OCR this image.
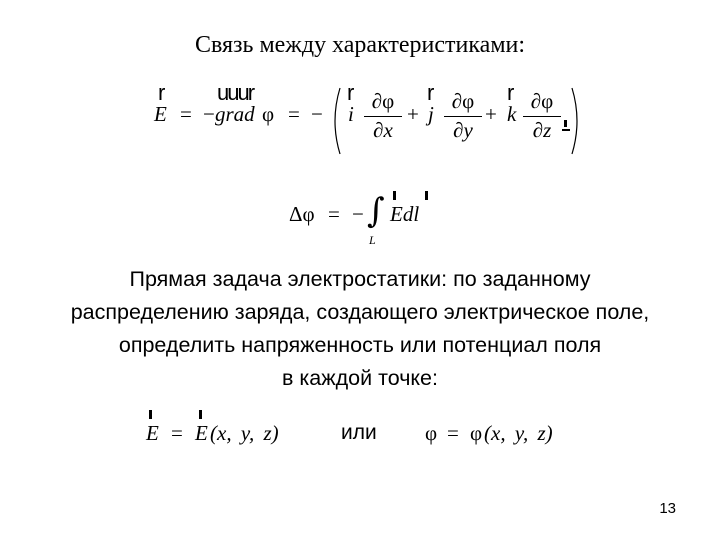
Связь между характеристиками:
r uuur	r	r	r
E = − grad φ = − i
∂φ
∂x
+ j
∂φ
∂y
+ k
∂φ
∂z
Δφ = − ∫
L
Edl
Прямая задача электростатики: по заданному
распределению заряда, создающего электрическое поле,
определить напряженность или потенциал поля
в каждой точке:
E = E (x, y, z)	или φ = φ (x, y, z)
13
